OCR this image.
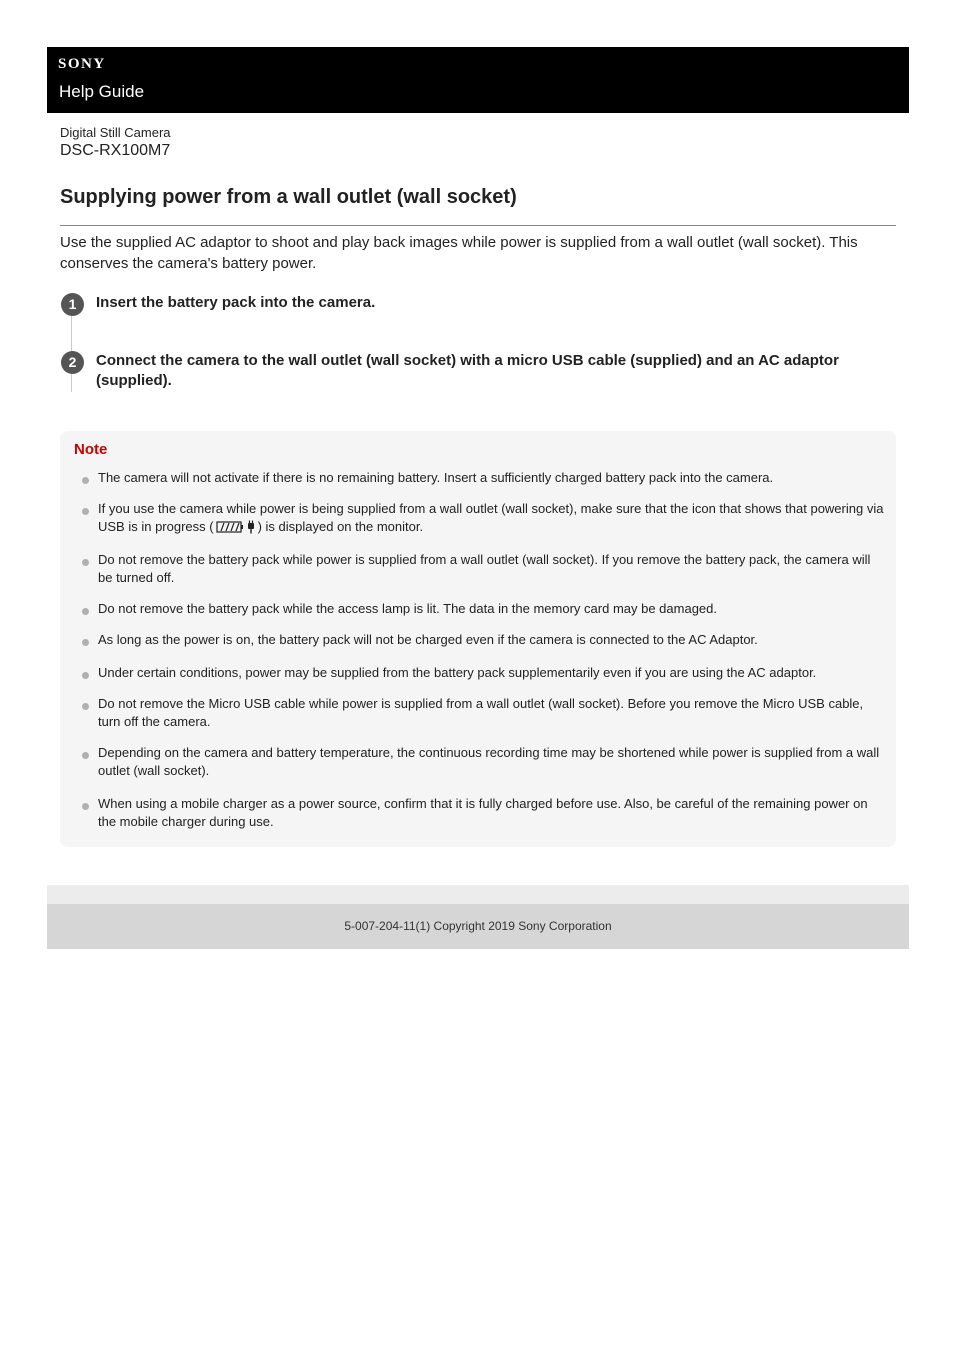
SONY
Help Guide
Digital Still Camera
DSC-RX100M7
Supplying power from a wall outlet (wall socket)

Use the supplied AC adaptor to shoot and play back images while power is supplied from a wall outlet (wall socket). This conserves the camera's battery power.

1	Insert the battery pack into the camera.
2	Connect the camera to the wall outlet (wall socket) with a micro USB cable (supplied) and an AC adaptor (supplied).
Note
The camera will not activate if there is no remaining battery. Insert a sufficiently charged battery pack into the camera.
If you use the camera while power is being supplied from a wall outlet (wall socket), make sure that the icon that shows that powering via USB is in progress (	) is displayed on the monitor.
Do not remove the battery pack while power is supplied from a wall outlet (wall socket). If you remove the battery pack, the camera will be turned off.
Do not remove the battery pack while the access lamp is lit. The data in the memory card may be damaged.
As long as the power is on, the battery pack will not be charged even if the camera is connected to the AC Adaptor.
Under certain conditions, power may be supplied from the battery pack supplementarily even if you are using the AC adaptor.
Do not remove the Micro USB cable while power is supplied from a wall outlet (wall socket). Before you remove the Micro USB cable, turn off the camera.
Depending on the camera and battery temperature, the continuous recording time may be shortened while power is supplied from a wall outlet (wall socket).
When using a mobile charger as a power source, confirm that it is fully charged before use. Also, be careful of the remaining power on the mobile charger during use.
5-007-204-11(1) Copyright 2019 Sony Corporation
